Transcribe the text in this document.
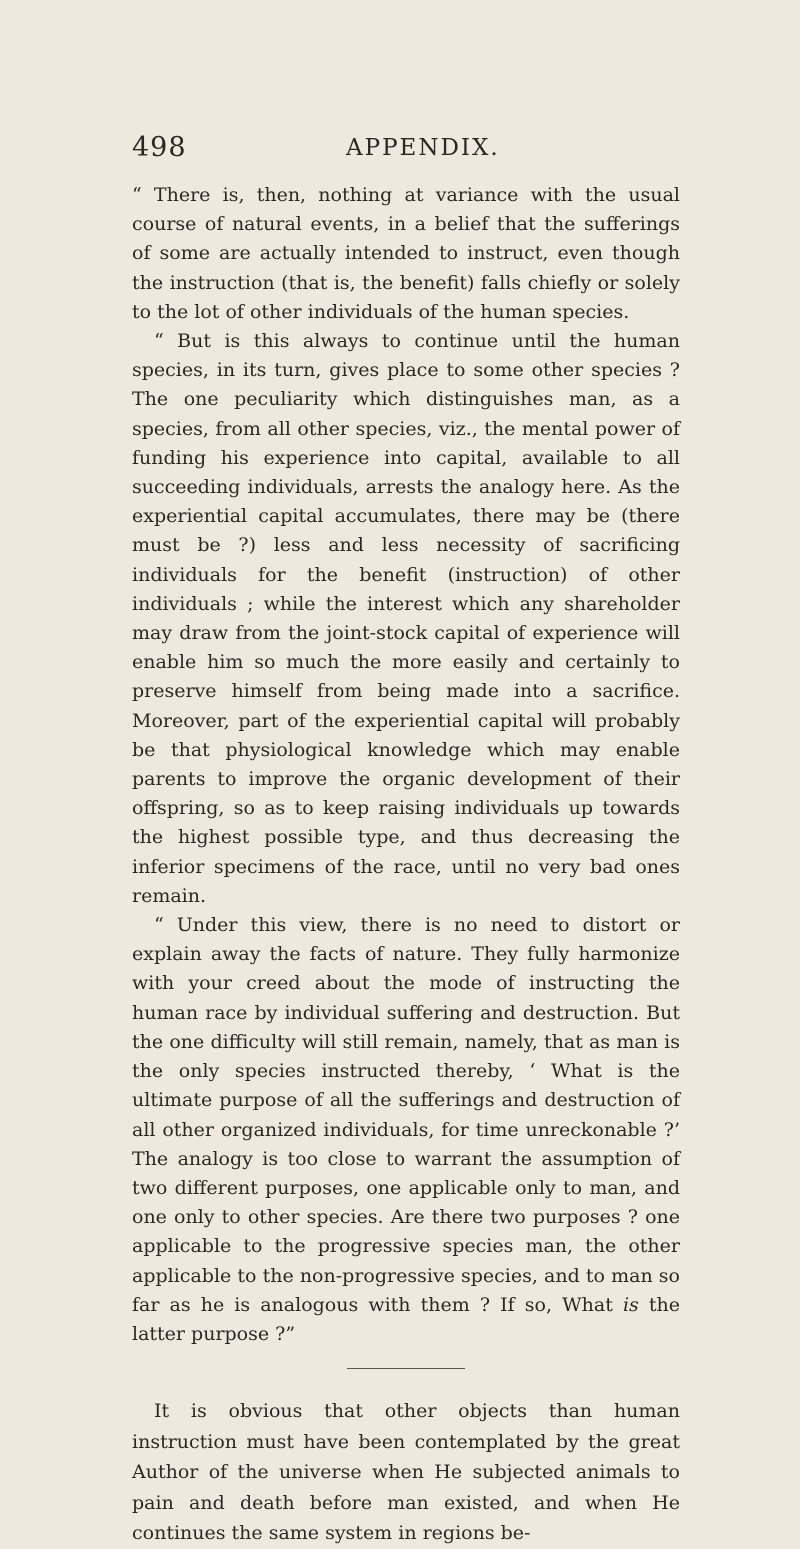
498	APPENDIX.

“ There is, then, nothing at variance with the usual course of natural events, in a belief that the sufferings of some are actually intended to instruct, even though the instruction (that is, the benefit) falls chiefly or solely to the lot of other individuals of the human species.

“ But is this always to continue until the human species, in its turn, gives place to some other species ? The one peculiarity which distinguishes man, as a species, from all other species, viz., the mental power of funding his experience into capital, available to all succeeding individuals, arrests the analogy here. As the experiential capital accumulates, there may be (there must be ?) less and less necessity of sacrificing individuals for the benefit (instruction) of other individuals ; while the interest which any shareholder may draw from the joint-stock capital of experience will enable him so much the more easily and certainly to preserve himself from being made into a sacrifice. Moreover, part of the experiential capital will probably be that physiological knowledge which may enable parents to improve the organic development of their offspring, so as to keep raising individuals up towards the highest possible type, and thus decreasing the inferior specimens of the race, until no very bad ones remain.

“ Under this view, there is no need to distort or explain away the facts of nature. They fully harmonize with your creed about the mode of instructing the human race by individual suffering and destruction. But the one difficulty will still remain, namely, that as man is the only species instructed thereby, ‘ What is the ultimate purpose of all the sufferings and destruction of all other organized individuals, for time unreckonable ?’ The analogy is too close to warrant the assumption of two different purposes, one applicable only to man, and one only to other species. Are there two purposes ? one applicable to the progressive species man, the other applicable to the non-progressive species, and to man so far as he is analogous with them ? If so, What is the latter purpose ?”

It is obvious that other objects than human instruction must have been contemplated by the great Author of the universe when He subjected animals to pain and death before man existed, and when He continues the same system in regions be-
